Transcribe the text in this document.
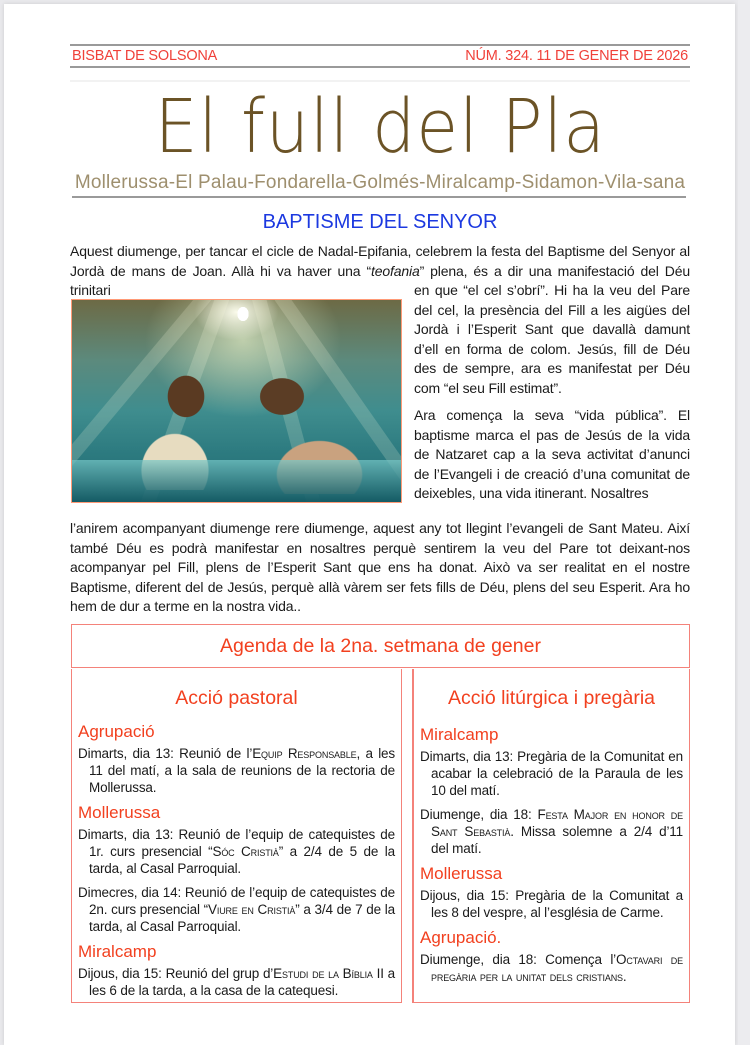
BISBAT DE SOLSONA	NÚM. 324. 11 DE GENER DE 2026
El full del Pla
Mollerussa-El Palau-Fondarella-Golmés-Miralcamp-Sidamon-Vila-sana
BAPTISME DEL SENYOR
Aquest diumenge, per tancar el cicle de Nadal-Epifania, celebrem la festa del Baptisme del Senyor al Jordà de mans de Joan. Allà hi va haver una “teofania” plena, és a dir una manifestació del Déu trinitari	en que “el cel s’obrí”. Hi ha la veu del Pare del cel, la presència del Fill a les aigües del Jordà i l’Esperit Sant que davallà damunt d’ell en forma de colom. Jesús, fill de Déu des de sempre, ara es manifestat per Déu com “el seu Fill estimat”.

Ara comença la seva “vida pública”. El baptisme marca el pas de Jesús de la vida de Natzaret cap a la seva activitat d’anunci de l’Evangeli i de creació d’una comunitat de deixebles, una vida itinerant. Nosaltres

l’anirem acompanyant diumenge rere diumenge, aquest any tot llegint l’evangeli de Sant Mateu. Així també Déu es podrà manifestar en nosaltres perquè sentirem la veu del Pare tot deixant-nos acompanyar pel Fill, plens de l’Esperit Sant que ens ha donat. Això va ser realitat en el nostre Baptisme, diferent del de Jesús, perquè allà vàrem ser fets fills de Déu, plens del seu Esperit. Ara ho hem de dur a terme en la nostra vida..
Agenda de la 2na. setmana de gener
Acció pastoral
Agrupació
Dimarts, dia 13: Reunió de l’Equip Responsable, a les 11 del matí, a la sala de reunions de la rectoria de Mollerussa.
Mollerussa
Dimarts, dia 13: Reunió de l’equip de catequistes de 1r. curs presencial “Sóc Cristià” a 2/4 de 5 de la tarda, al Casal Parroquial.
Dimecres, dia 14: Reunió de l’equip de catequistes de 2n. curs presencial “Viure en Cristià” a 3/4 de 7 de la tarda, al Casal Parroquial.
Miralcamp
Dijous, dia 15: Reunió del grup d’Estudi de la Bíblia II a les 6 de la tarda, a la casa de la catequesi.
Acció litúrgica i pregària
Miralcamp
Dimarts, dia 13: Pregària de la Comunitat en acabar la celebració de la Paraula de les 10 del matí.
Diumenge, dia 18: Festa Major en honor de Sant Sebastià. Missa solemne a 2/4 d’11 del matí.
Mollerussa
Dijous, dia 15: Pregària de la Comunitat a les 8 del vespre, al l’església de Carme.
Agrupació.
Diumenge, dia 18: Comença l’Octavari de pregària per la unitat dels cristians.
